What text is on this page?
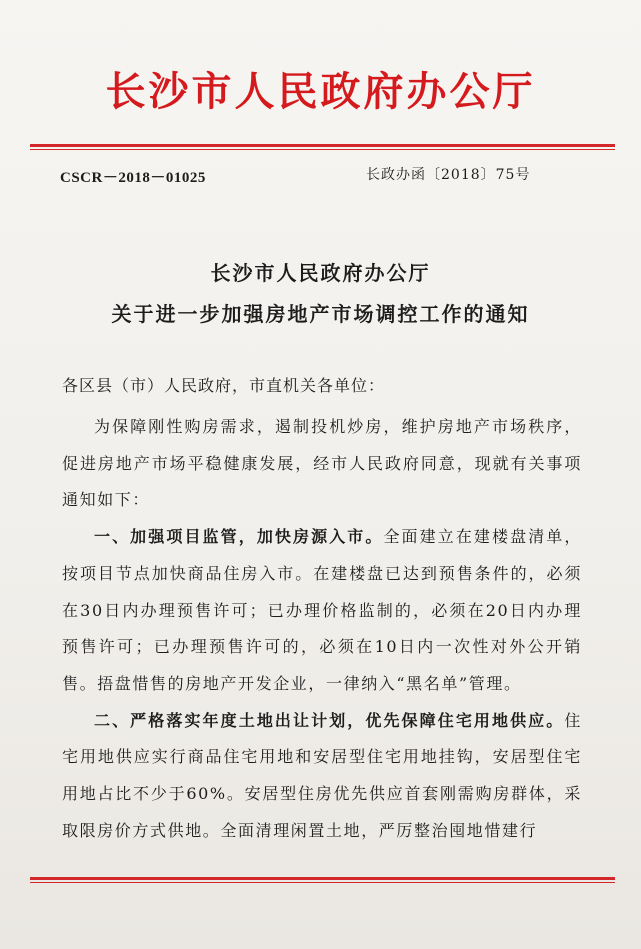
长沙市人民政府办公厅
CSCR－2018－01025	长政办函〔2018〕75号
长沙市人民政府办公厅
关于进一步加强房地产市场调控工作的通知
各区县（市）人民政府，市直机关各单位：

为保障刚性购房需求，遏制投机炒房，维护房地产市场秩序，促进房地产市场平稳健康发展，经市人民政府同意，现就有关事项通知如下：

一、加强项目监管，加快房源入市。全面建立在建楼盘清单，按项目节点加快商品住房入市。在建楼盘已达到预售条件的，必须在30日内办理预售许可；已办理价格监制的，必须在20日内办理预售许可；已办理预售许可的，必须在10日内一次性对外公开销售。捂盘惜售的房地产开发企业，一律纳入“黑名单”管理。

二、严格落实年度土地出让计划，优先保障住宅用地供应。住宅用地供应实行商品住宅用地和安居型住宅用地挂钩，安居型住宅用地占比不少于60%。安居型住房优先供应首套刚需购房群体，采取限房价方式供地。全面清理闲置土地，严厉整治囤地惜建行
